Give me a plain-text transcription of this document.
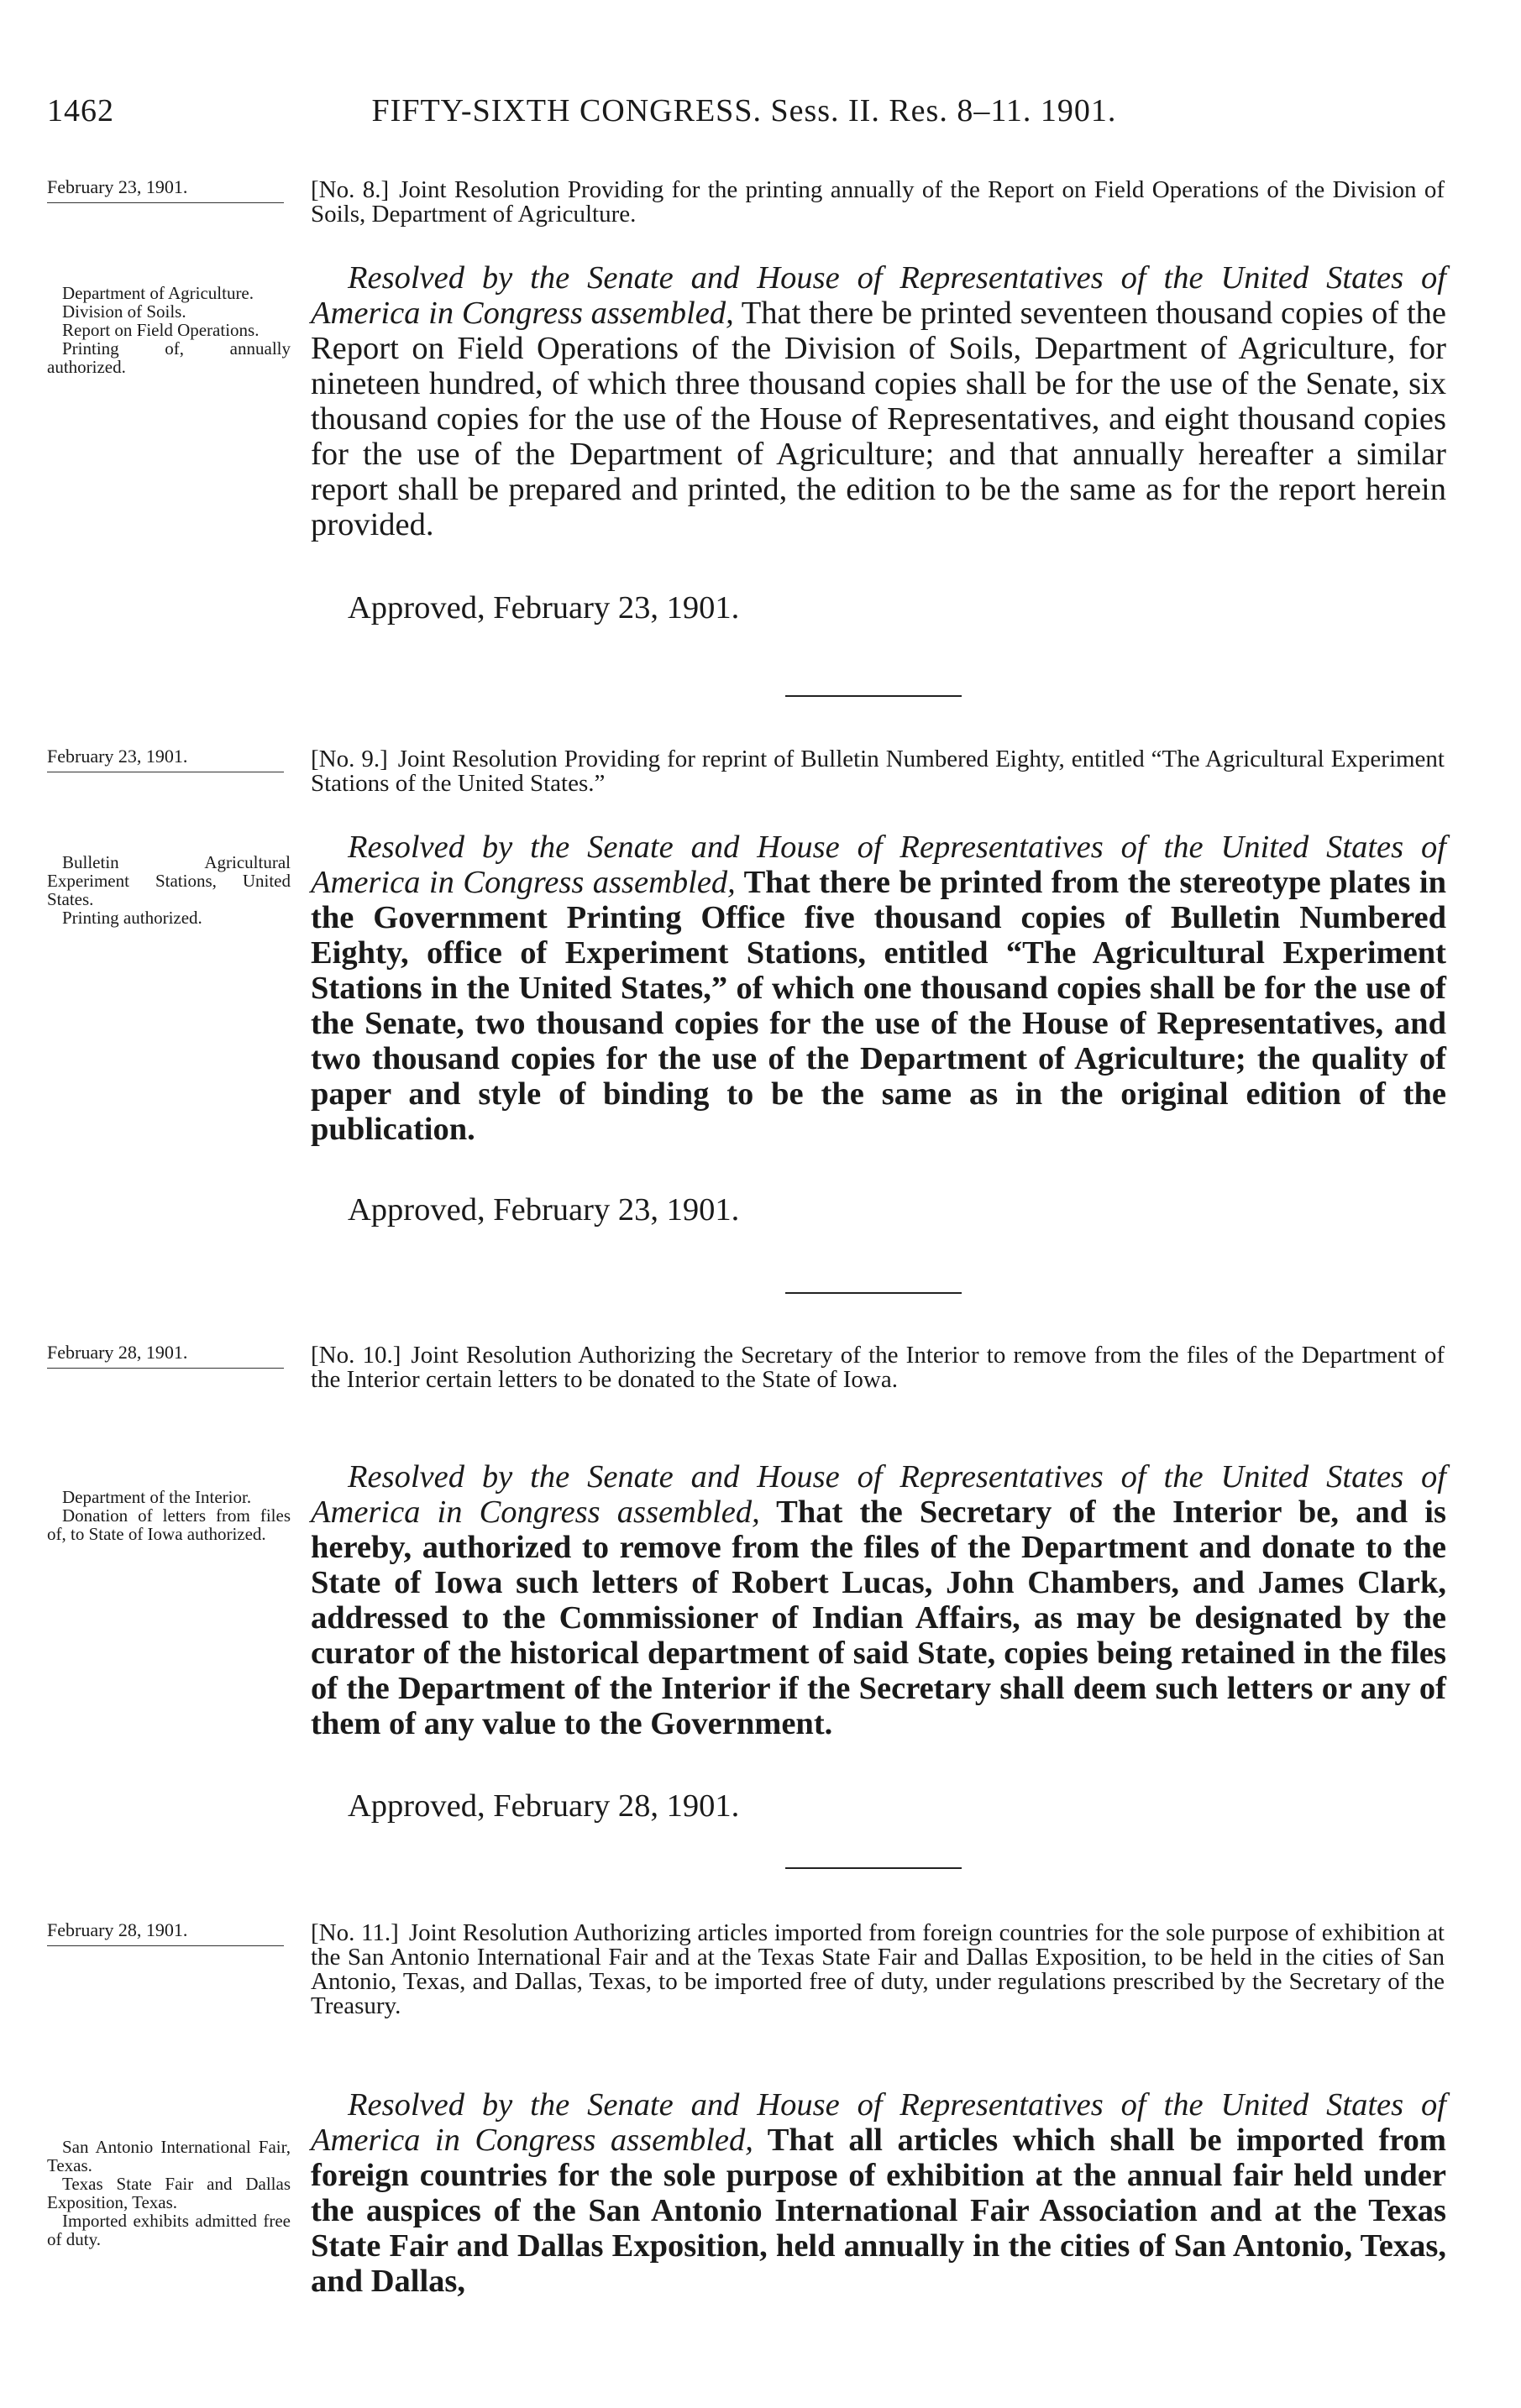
1462	FIFTY-SIXTH CONGRESS. Sess. II. Res. 8–11. 1901.
February 23, 1901.	[No. 8.] Joint Resolution Providing for the printing annually of the Report on Field Operations of the Division of Soils, Department of Agriculture.
Department of Agriculture.
Division of Soils.
Report on Field Operations.
Printing of, annually authorized.
Resolved by the Senate and House of Representatives of the United States of America in Congress assembled, That there be printed seventeen thousand copies of the Report on Field Operations of the Division of Soils, Department of Agriculture, for nineteen hundred, of which three thousand copies shall be for the use of the Senate, six thousand copies for the use of the House of Representatives, and eight thousand copies for the use of the Department of Agriculture; and that annually hereafter a similar report shall be prepared and printed, the edition to be the same as for the report herein provided.
Approved, February 23, 1901.
February 23, 1901.	[No. 9.] Joint Resolution Providing for reprint of Bulletin Numbered Eighty, entitled “The Agricultural Experiment Stations of the United States.”
Bulletin Agricultural Experiment Stations, United States.
Printing authorized.
Resolved by the Senate and House of Representatives of the United States of America in Congress assembled, That there be printed from the stereotype plates in the Government Printing Office five thousand copies of Bulletin Numbered Eighty, office of Experiment Stations, entitled “The Agricultural Experiment Stations in the United States,” of which one thousand copies shall be for the use of the Senate, two thousand copies for the use of the House of Representatives, and two thousand copies for the use of the Department of Agriculture; the quality of paper and style of binding to be the same as in the original edition of the publication.
Approved, February 23, 1901.
February 28, 1901.	[No. 10.] Joint Resolution Authorizing the Secretary of the Interior to remove from the files of the Department of the Interior certain letters to be donated to the State of Iowa.
Department of the Interior.
Donation of letters from files of, to State of Iowa authorized.
Resolved by the Senate and House of Representatives of the United States of America in Congress assembled, That the Secretary of the Interior be, and is hereby, authorized to remove from the files of the Department and donate to the State of Iowa such letters of Robert Lucas, John Chambers, and James Clark, addressed to the Commissioner of Indian Affairs, as may be designated by the curator of the historical department of said State, copies being retained in the files of the Department of the Interior if the Secretary shall deem such letters or any of them of any value to the Government.
Approved, February 28, 1901.
February 28, 1901.	[No. 11.] Joint Resolution Authorizing articles imported from foreign countries for the sole purpose of exhibition at the San Antonio International Fair and at the Texas State Fair and Dallas Exposition, to be held in the cities of San Antonio, Texas, and Dallas, Texas, to be imported free of duty, under regulations prescribed by the Secretary of the Treasury.
San Antonio International Fair, Texas.
Texas State Fair and Dallas Exposition, Texas.
Imported exhibits admitted free of duty.
Resolved by the Senate and House of Representatives of the United States of America in Congress assembled, That all articles which shall be imported from foreign countries for the sole purpose of exhibition at the annual fair held under the auspices of the San Antonio International Fair Association and at the Texas State Fair and Dallas Exposition, held annually in the cities of San Antonio, Texas, and Dallas,
